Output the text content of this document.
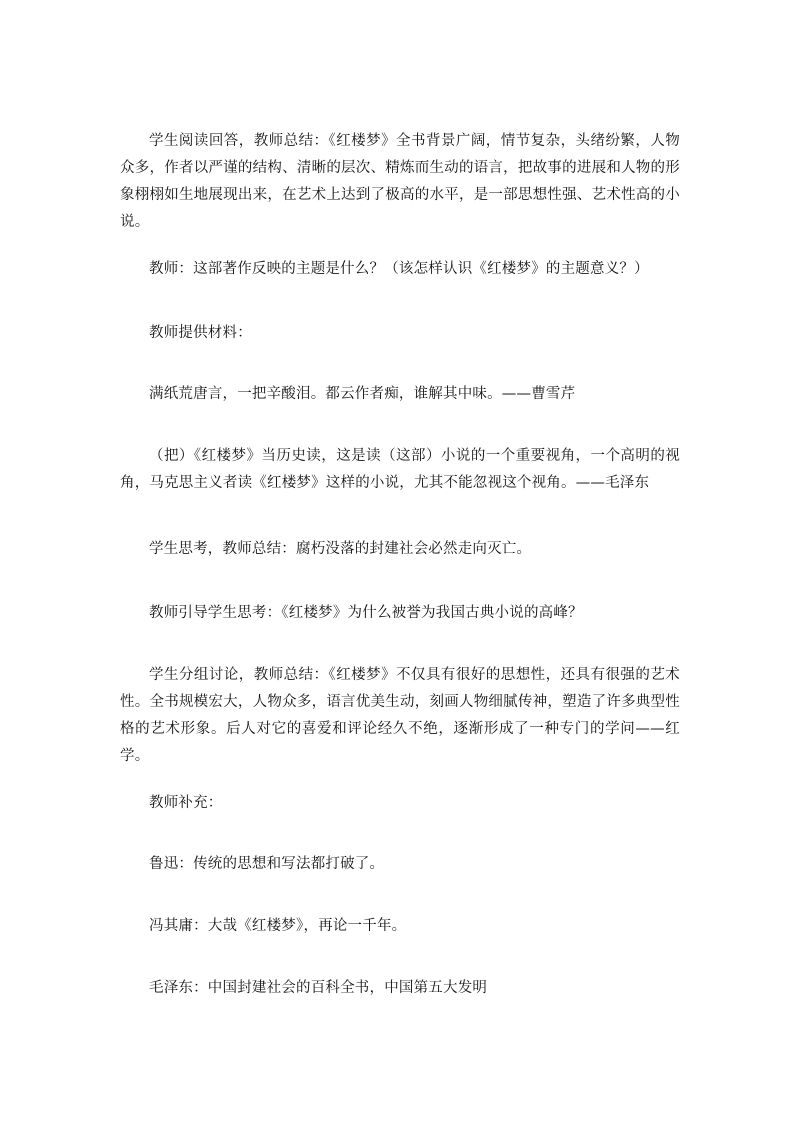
学生阅读回答，教师总结：《红楼梦》全书背景广阔，情节复杂，头绪纷繁，人物众多，作者以严谨的结构、清晰的层次、精炼而生动的语言，把故事的进展和人物的形象栩栩如生地展现出来，在艺术上达到了极高的水平，是一部思想性强、艺术性高的小说。

教师：这部著作反映的主题是什么？（该怎样认识《红楼梦》的主题意义？）

教师提供材料：

满纸荒唐言，一把辛酸泪。都云作者痴，谁解其中味。——曹雪芹

（把）《红楼梦》当历史读，这是读（这部）小说的一个重要视角，一个高明的视角，马克思主义者读《红楼梦》这样的小说，尤其不能忽视这个视角。——毛泽东

学生思考，教师总结：腐朽没落的封建社会必然走向灭亡。

教师引导学生思考：《红楼梦》为什么被誉为我国古典小说的高峰？

学生分组讨论，教师总结：《红楼梦》不仅具有很好的思想性，还具有很强的艺术性。全书规模宏大，人物众多，语言优美生动，刻画人物细腻传神，塑造了许多典型性格的艺术形象。后人对它的喜爱和评论经久不绝，逐渐形成了一种专门的学问——红学。

教师补充：

鲁迅：传统的思想和写法都打破了。

冯其庸：大哉《红楼梦》，再论一千年。

毛泽东：中国封建社会的百科全书，中国第五大发明
